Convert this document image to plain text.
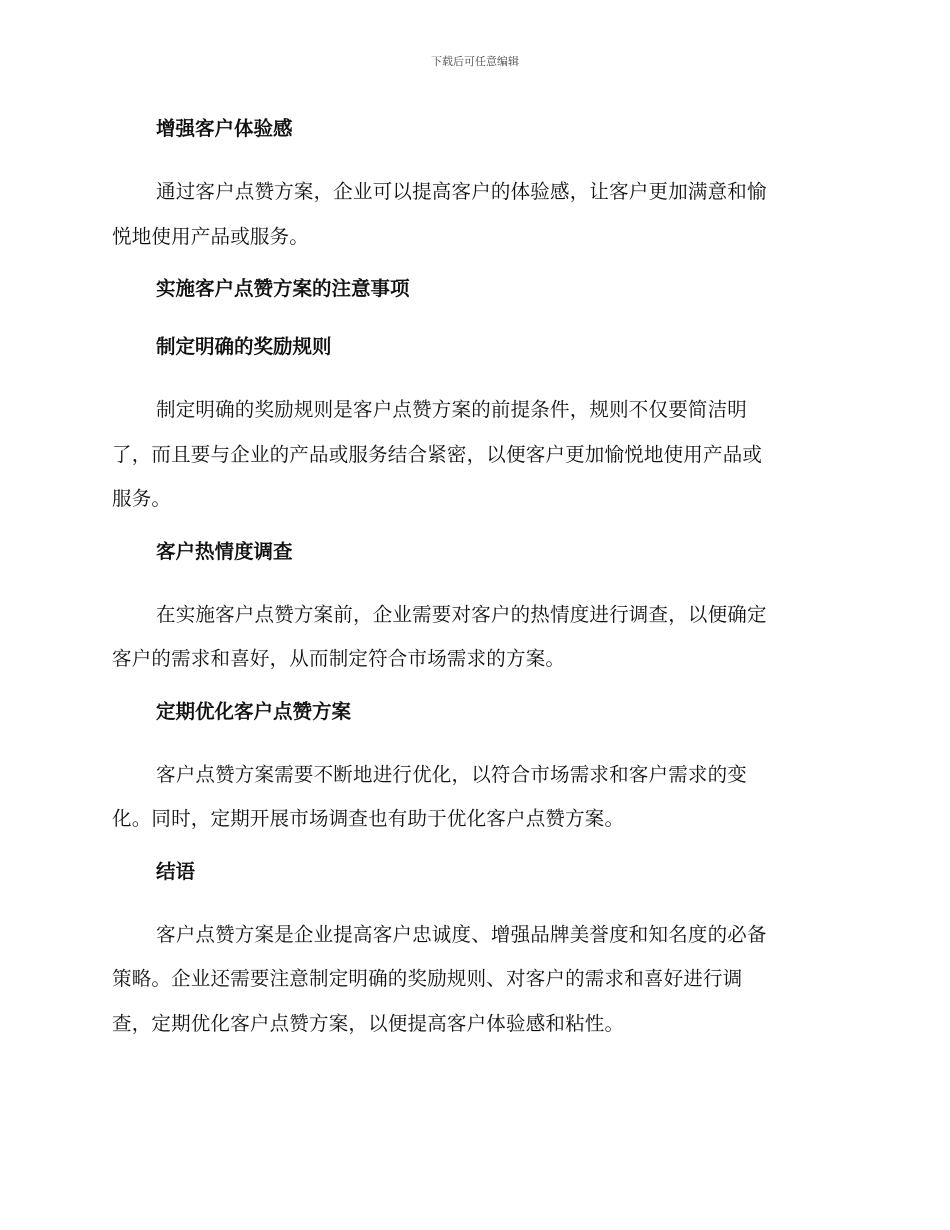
下载后可任意编辑
增强客户体验感
通过客户点赞方案，企业可以提高客户的体验感，让客户更加满意和愉
悦地使用产品或服务。
实施客户点赞方案的注意事项
制定明确的奖励规则
制定明确的奖励规则是客户点赞方案的前提条件，规则不仅要简洁明
了，而且要与企业的产品或服务结合紧密，以便客户更加愉悦地使用产品或
服务。
客户热情度调查
在实施客户点赞方案前，企业需要对客户的热情度进行调查，以便确定
客户的需求和喜好，从而制定符合市场需求的方案。
定期优化客户点赞方案
客户点赞方案需要不断地进行优化，以符合市场需求和客户需求的变
化。同时，定期开展市场调查也有助于优化客户点赞方案。
结语
客户点赞方案是企业提高客户忠诚度、增强品牌美誉度和知名度的必备
策略。企业还需要注意制定明确的奖励规则、对客户的需求和喜好进行调
查，定期优化客户点赞方案，以便提高客户体验感和粘性。
